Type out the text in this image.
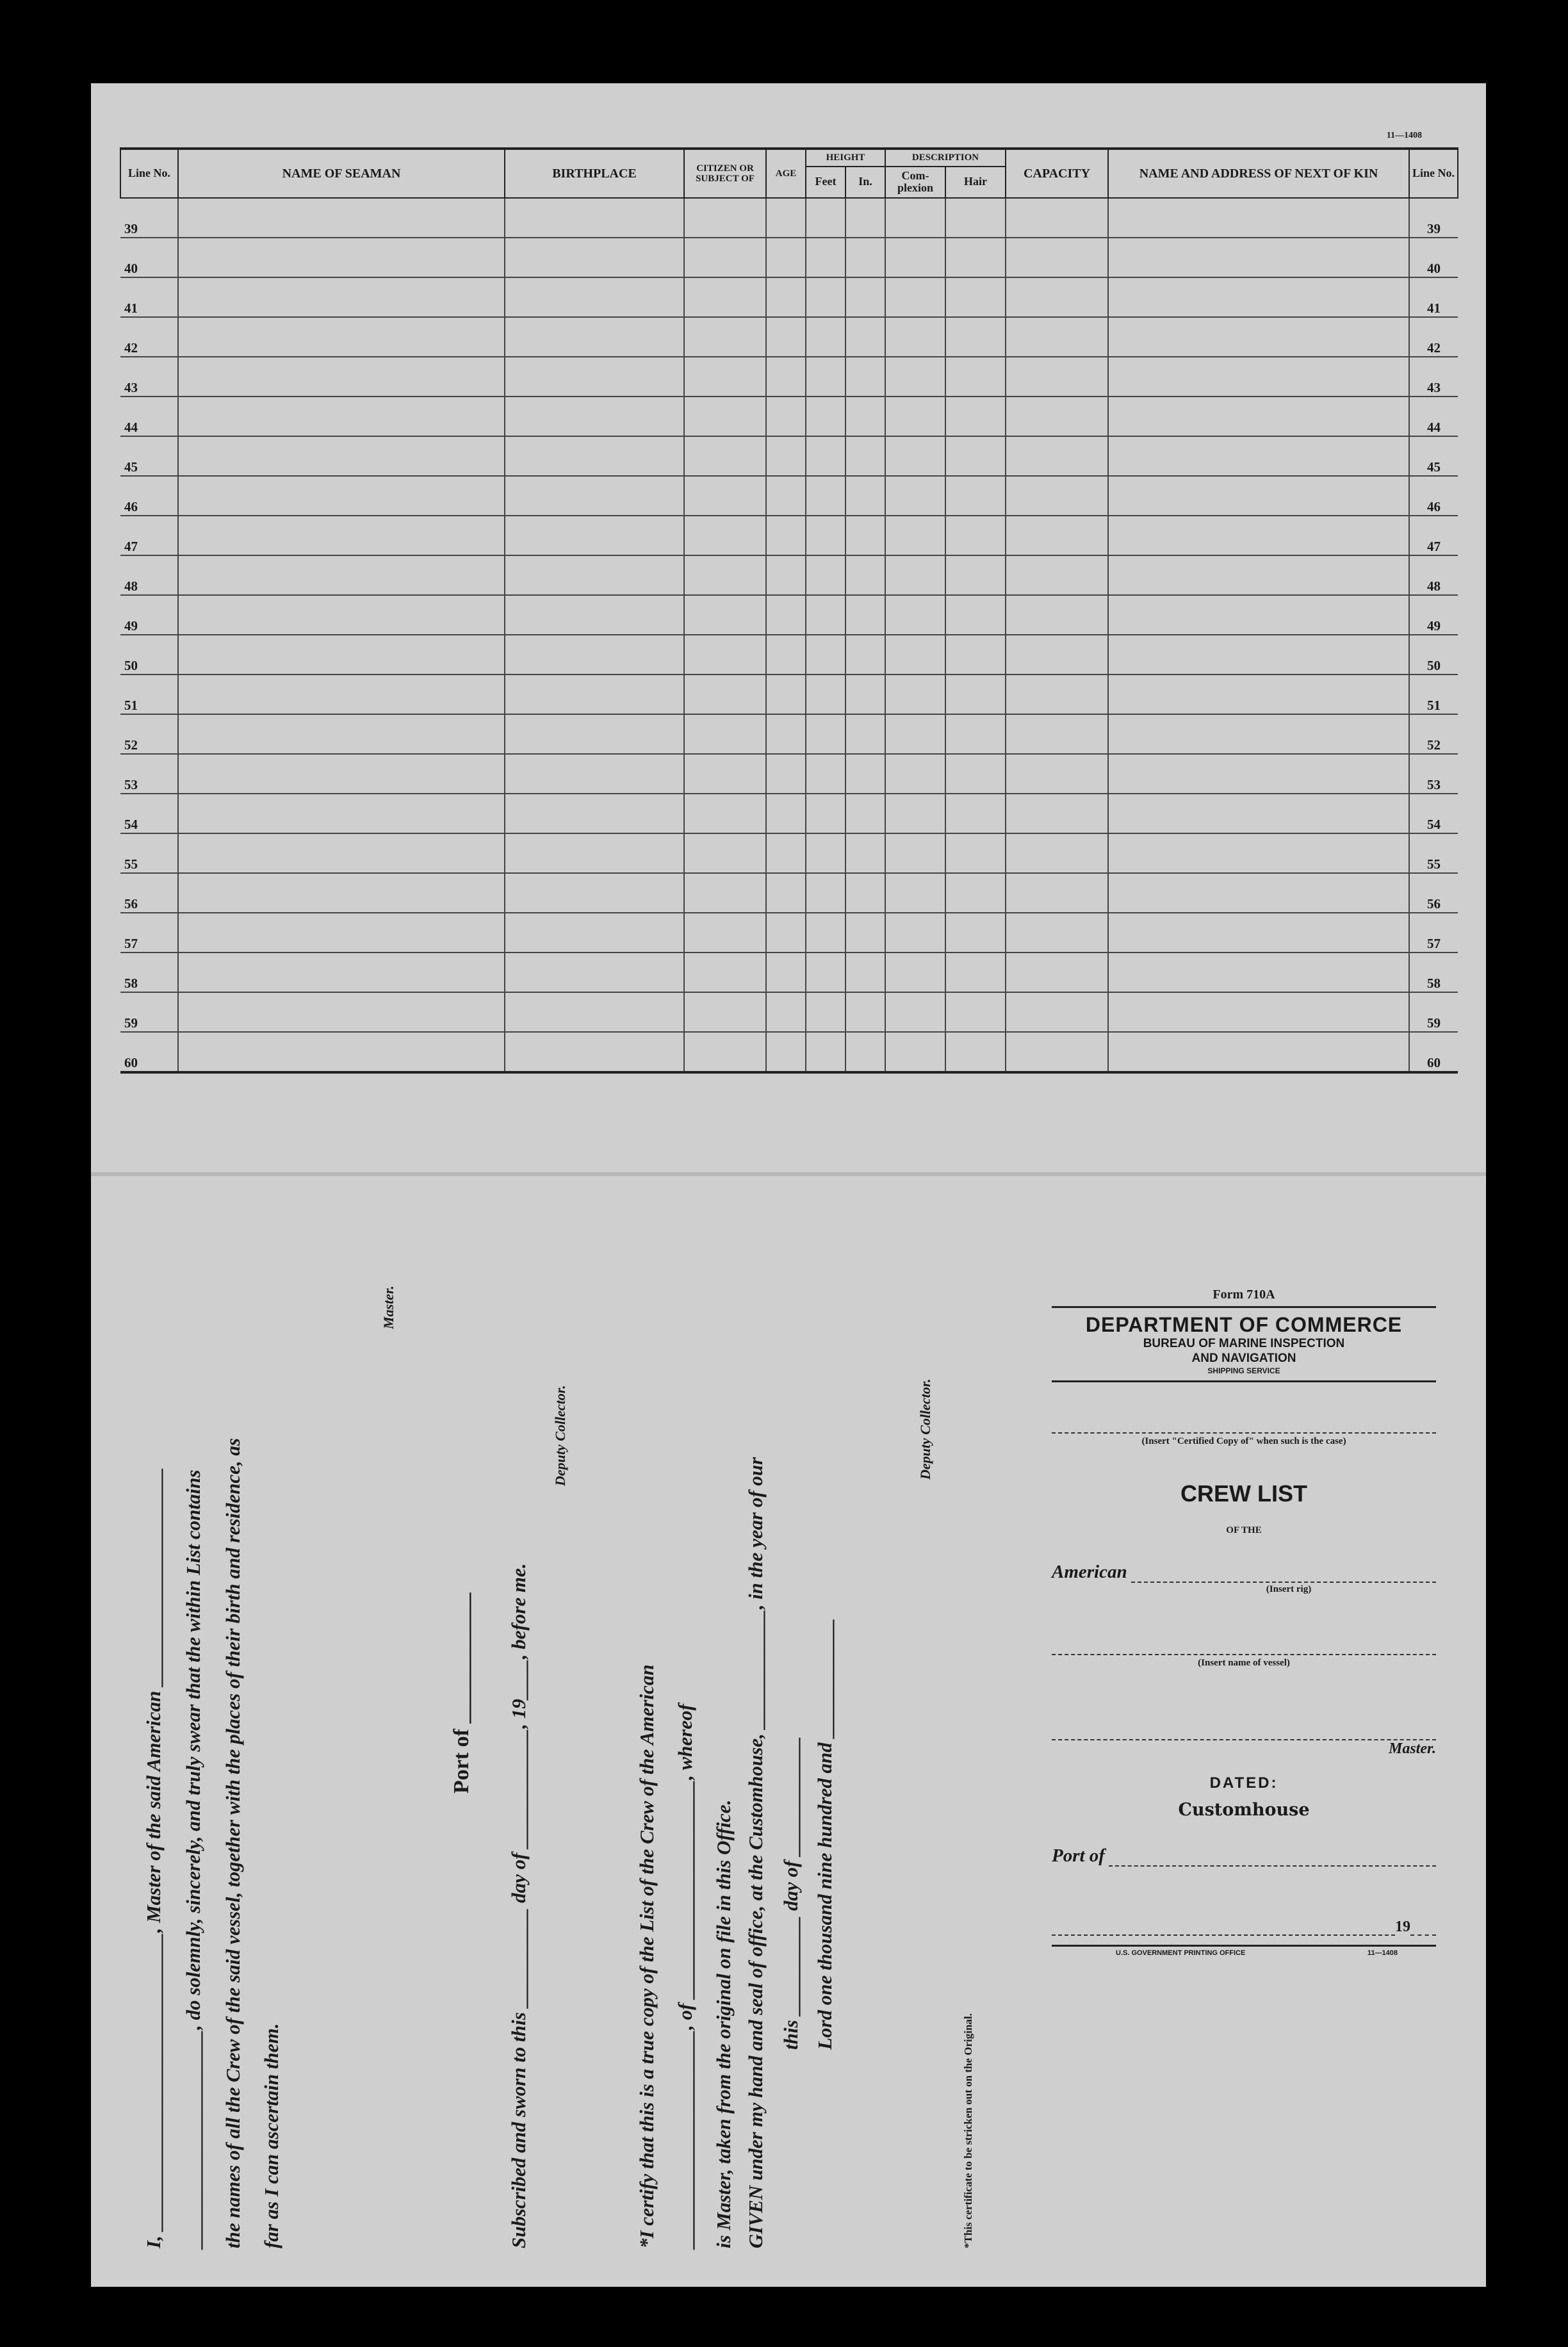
11—1408
Line No.	NAME OF SEAMAN	BIRTHPLACE	CITIZEN OR SUBJECT OF	AGE	HEIGHT		DESCRIPTION		CAPACITY	NAME AND ADDRESS OF NEXT OF KIN	Line No.
					Feet	In.	Com- plexion	Hair			
39											39
40											40
41											41
42											42
43											43
44											44
45											45
46											46
47											47
48											48
49											49
50											50
51											51
52											52
53											53
54											54
55											55
56											56
57											57
58											58
59											59
60											60
I, ______________________________, Master of the said American ______________________ ______________________, do solemnly, sincerely, and truly swear that the within List contains the names of all the Crew of the said vessel, together with the places of their birth and residence, as far as I can ascertain them.
Master.
Port of ____________ Subscribed and sworn to this __________ day of ____________, 19____, before me.
Deputy Collector.
*I certify that this is a true copy of the List of the Crew of the American ______________________, of ______________________, whereof is Master, taken from the original on file in this Office. GIVEN under my hand and seal of office, at the Customhouse, ____________, in the year of our this __________ day of ____________ Lord one thousand nine hundred and ____________
Deputy Collector.
*This certificate to be stricken out on the Original.
Form 710A
DEPARTMENT OF COMMERCE
BUREAU OF MARINE INSPECTION
AND NAVIGATION
SHIPPING SERVICE
(Insert "Certified Copy of" when such is the case)
CREW LIST
OF THE
American
(Insert rig)
(Insert name of vessel)
Master.
DATED:
Customhouse
Port of
19
U.S. GOVERNMENT PRINTING OFFICE	11—1408
